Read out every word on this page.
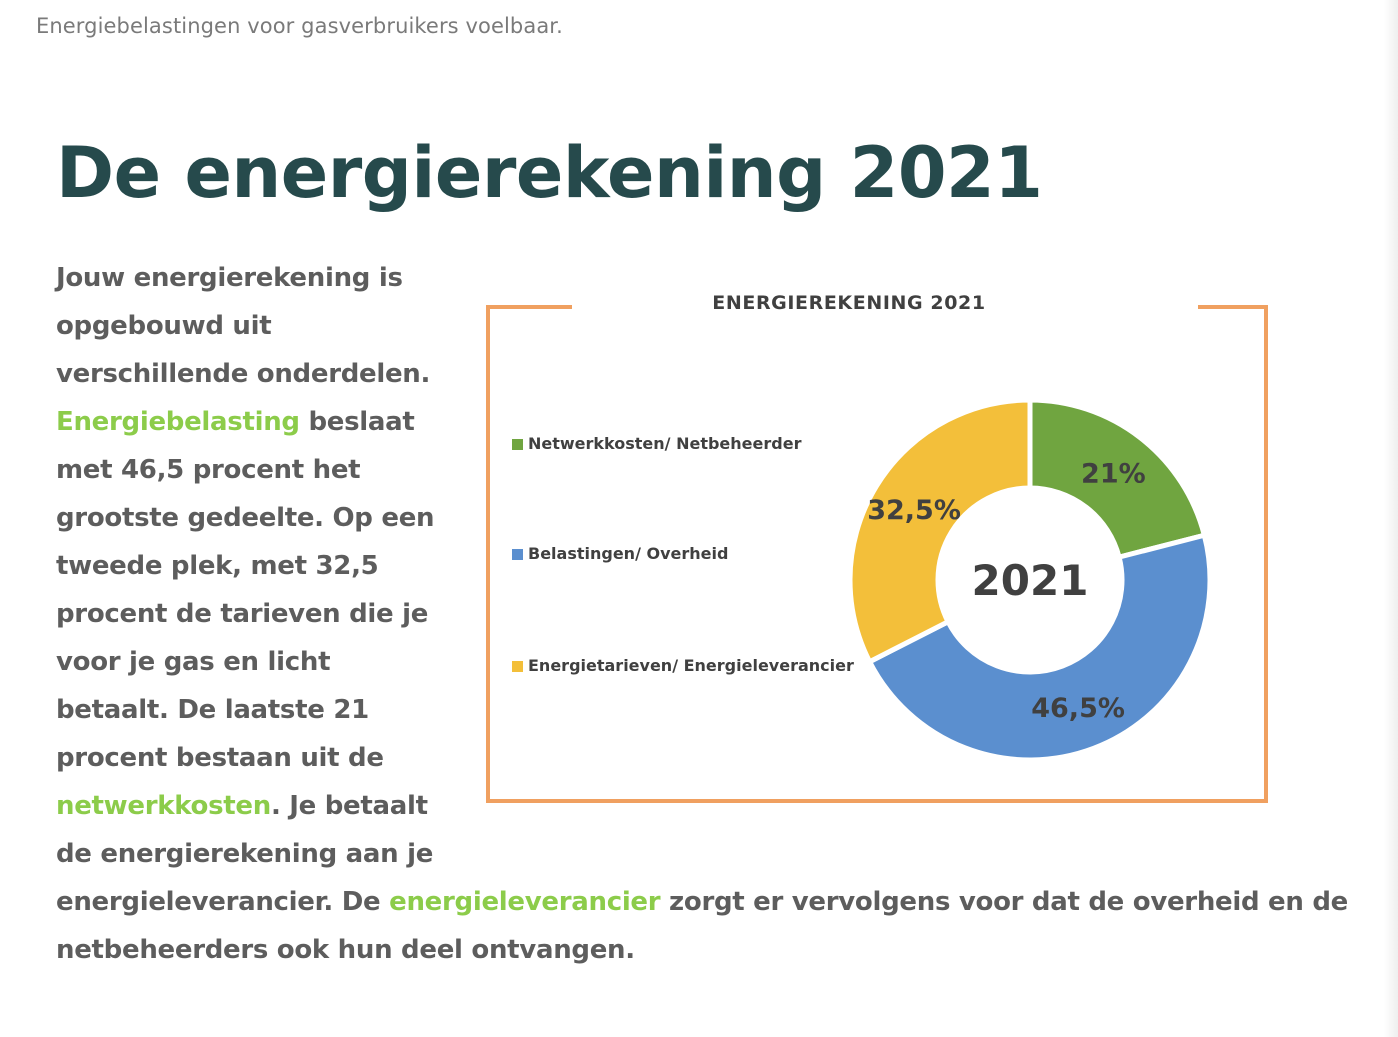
Energiebelastingen voor gasverbruikers voelbaar.
De energierekening 2021

Jouw energierekening is opgebouwd uit verschillende onderdelen. Energiebelasting beslaat met 46,5 procent het grootste gedeelte. Op een tweede plek, met 32,5 procent de tarieven die je voor je gas en licht betaalt. De laatste 21 procent bestaan uit de netwerkkosten. Je betaalt de energierekening aan je energieleverancier. De energieleverancier zorgt er vervolgens voor dat de overheid en de netbeheerders ook hun deel ontvangen.

ENERGIEREKENING 2021
Netwerkkosten/ Netbeheerder
Belastingen/ Overheid
Energietarieven/ Energieleverancier
21%
46,5%
32,5%
2021
